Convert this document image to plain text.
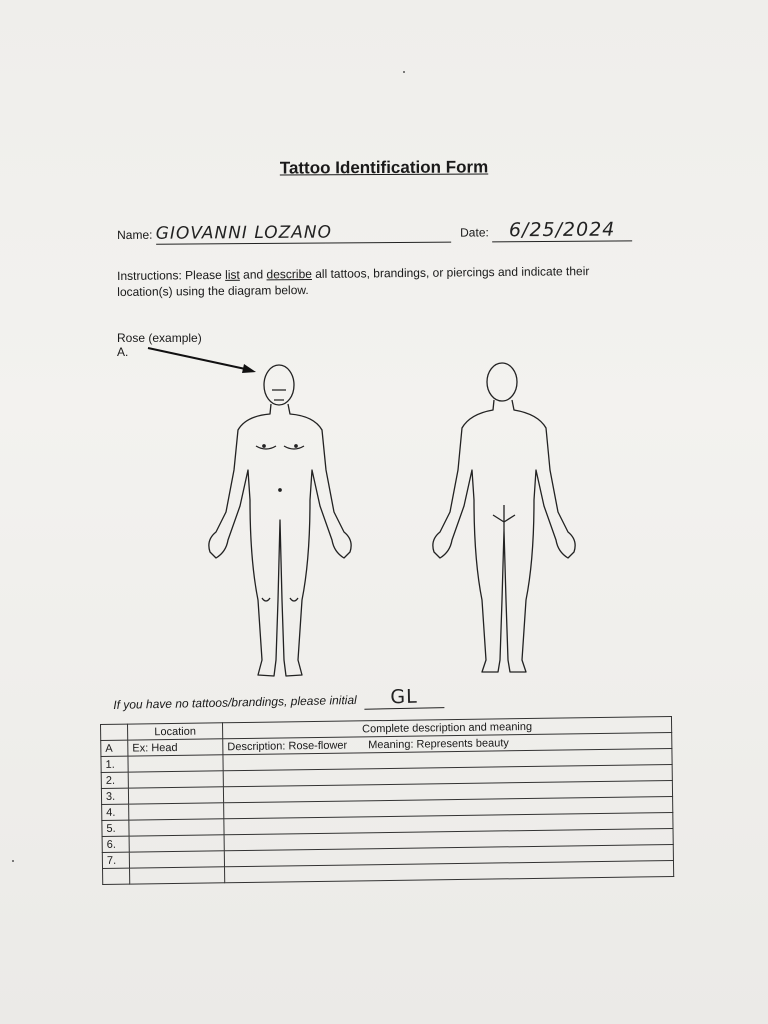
Tattoo Identification Form
Name: GIOVANNI LOZANO	Date: 6/25/2024
Instructions: Please list and describe all tattoos, brandings, or piercings and indicate their location(s) using the diagram below.
Rose (example)
A.
If you have no tattoos/brandings, please initial GL
	Location	Complete description and meaning
A	Ex: Head	Description: Rose-flower Meaning: Represents beauty
1.		
2.		
3.		
4.		
5.		
6.		
7.		
